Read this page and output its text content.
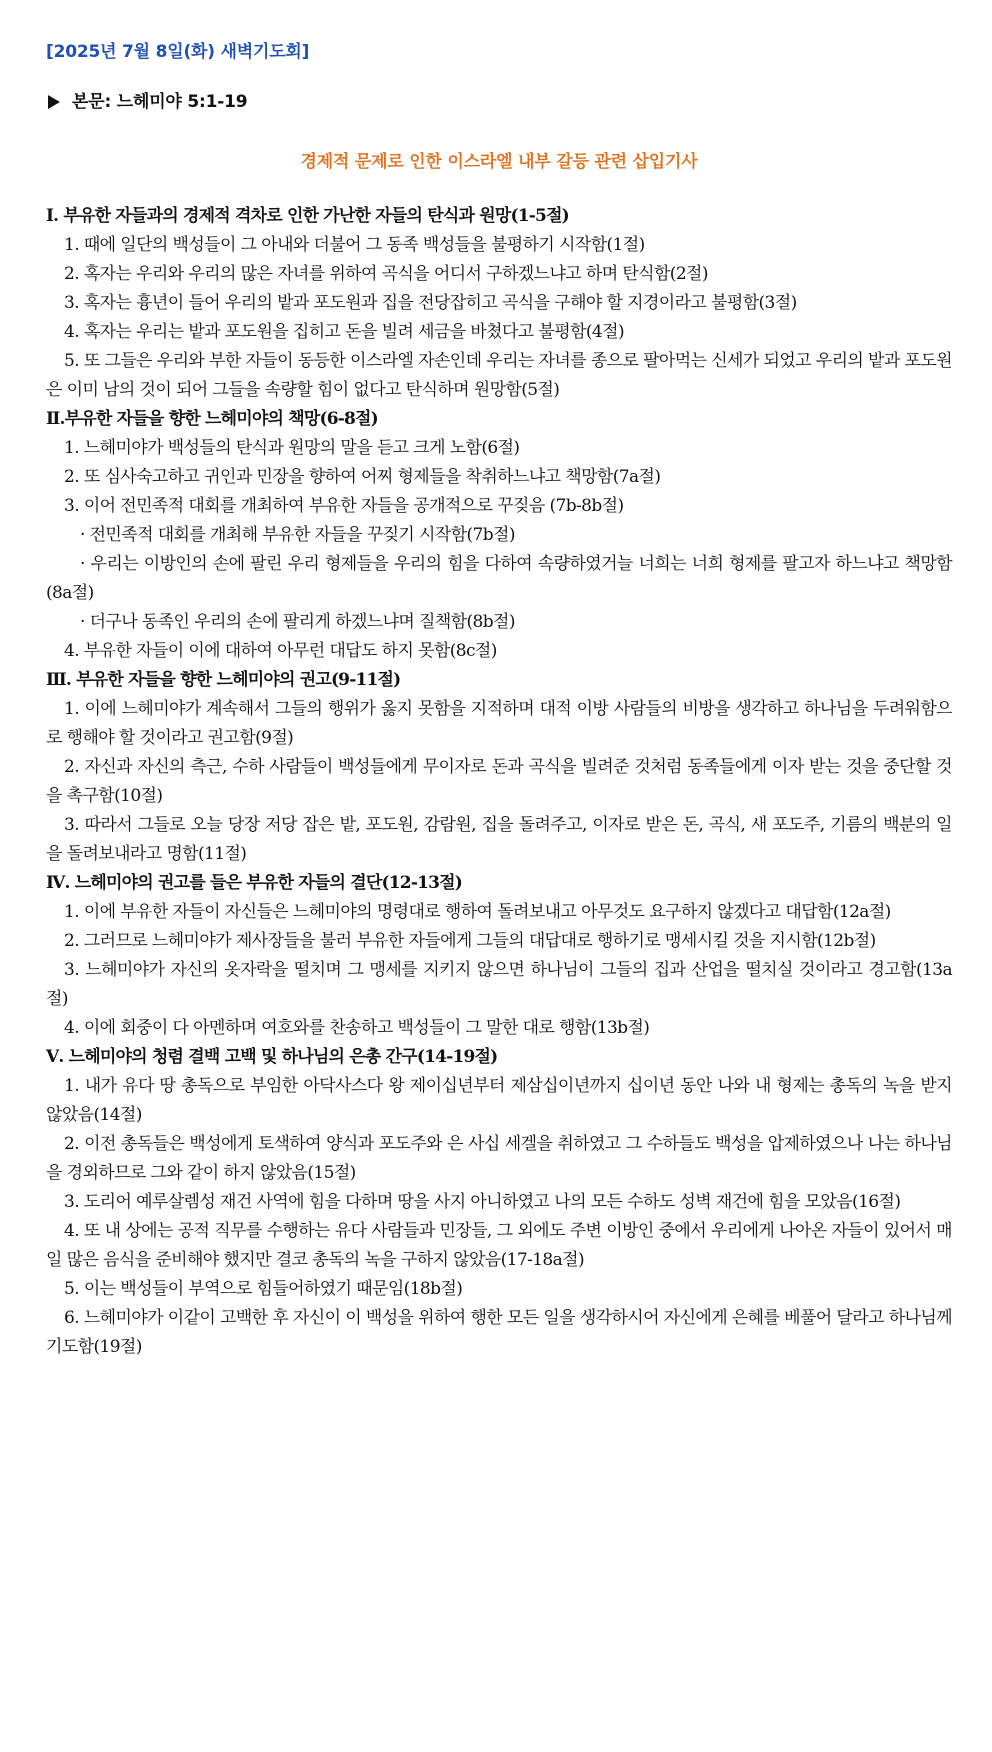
[2025년 7월 8일(화) 새벽기도회]
본문: 느헤미야 5:1-19
경제적 문제로 인한 이스라엘 내부 갈등 관련 삽입기사
Ⅰ. 부유한 자들과의 경제적 격차로 인한 가난한 자들의 탄식과 원망(1-5절)
1. 때에 일단의 백성들이 그 아내와 더불어 그 동족 백성들을 불평하기 시작함(1절)
2. 혹자는 우리와 우리의 많은 자녀를 위하여 곡식을 어디서 구하겠느냐고 하며 탄식함(2절)
3. 혹자는 흉년이 들어 우리의 밭과 포도원과 집을 전당잡히고 곡식을 구해야 할 지경이라고 불평함(3절)
4. 혹자는 우리는 밭과 포도원을 집히고 돈을 빌려 세금을 바쳤다고 불평함(4절)
5. 또 그들은 우리와 부한 자들이 동등한 이스라엘 자손인데 우리는 자녀를 종으로 팔아먹는 신세가 되었고 우리의 밭과 포도원은 이미 남의 것이 되어 그들을 속량할 힘이 없다고 탄식하며 원망함(5절)
Ⅱ.부유한 자들을 향한 느헤미야의 책망(6-8절)
1. 느헤미야가 백성들의 탄식과 원망의 말을 듣고 크게 노함(6절)
2. 또 심사숙고하고 귀인과 민장을 향하여 어찌 형제들을 착취하느냐고 책망함(7a절)
3. 이어 전민족적 대회를 개최하여 부유한 자들을 공개적으로 꾸짖음 (7b-8b절)
· 전민족적 대회를 개최해 부유한 자들을 꾸짖기 시작함(7b절)
· 우리는 이방인의 손에 팔린 우리 형제들을 우리의 힘을 다하여 속량하였거늘 너희는 너희 형제를 팔고자 하느냐고 책망함(8a절)
· 더구나 동족인 우리의 손에 팔리게 하겠느냐며 질책함(8b절)
4. 부유한 자들이 이에 대하여 아무런 대답도 하지 못함(8c절)
Ⅲ. 부유한 자들을 향한 느헤미야의 권고(9-11절)
1. 이에 느헤미야가 계속해서 그들의 행위가 옳지 못함을 지적하며 대적 이방 사람들의 비방을 생각하고 하나님을 두려워함으로 행해야 할 것이라고 권고함(9절)
2. 자신과 자신의 측근, 수하 사람들이 백성들에게 무이자로 돈과 곡식을 빌려준 것처럼 동족들에게 이자 받는 것을 중단할 것을 촉구함(10절)
3. 따라서 그들로 오늘 당장 저당 잡은 밭, 포도원, 감람원, 집을 돌려주고, 이자로 받은 돈, 곡식, 새 포도주, 기름의 백분의 일을 돌려보내라고 명함(11절)
Ⅳ. 느헤미야의 권고를 들은 부유한 자들의 결단(12-13절)
1. 이에 부유한 자들이 자신들은 느헤미야의 명령대로 행하여 돌려보내고 아무것도 요구하지 않겠다고 대답함(12a절)
2. 그러므로 느헤미야가 제사장들을 불러 부유한 자들에게 그들의 대답대로 행하기로 맹세시킬 것을 지시함(12b절)
3. 느헤미야가 자신의 옷자락을 떨치며 그 맹세를 지키지 않으면 하나님이 그들의 집과 산업을 떨치실 것이라고 경고함(13a절)
4. 이에 회중이 다 아멘하며 여호와를 찬송하고 백성들이 그 말한 대로 행함(13b절)
Ⅴ. 느헤미야의 청렴 결백 고백 및 하나님의 은총 간구(14-19절)
1. 내가 유다 땅 총독으로 부임한 아닥사스다 왕 제이십년부터 제삼십이년까지 십이년 동안 나와 내 형제는 총독의 녹을 받지 않았음(14절)
2. 이전 총독들은 백성에게 토색하여 양식과 포도주와 은 사십 세겔을 취하였고 그 수하들도 백성을 압제하였으나 나는 하나님을 경외하므로 그와 같이 하지 않았음(15절)
3. 도리어 예루살렘성 재건 사역에 힘을 다하며 땅을 사지 아니하였고 나의 모든 수하도 성벽 재건에 힘을 모았음(16절)
4. 또 내 상에는 공적 직무를 수행하는 유다 사람들과 민장들, 그 외에도 주변 이방인 중에서 우리에게 나아온 자들이 있어서 매일 많은 음식을 준비해야 했지만 결코 총독의 녹을 구하지 않았음(17-18a절)
5. 이는 백성들이 부역으로 힘들어하였기 때문임(18b절)
6. 느헤미야가 이같이 고백한 후 자신이 이 백성을 위하여 행한 모든 일을 생각하시어 자신에게 은혜를 베풀어 달라고 하나님께 기도함(19절)
